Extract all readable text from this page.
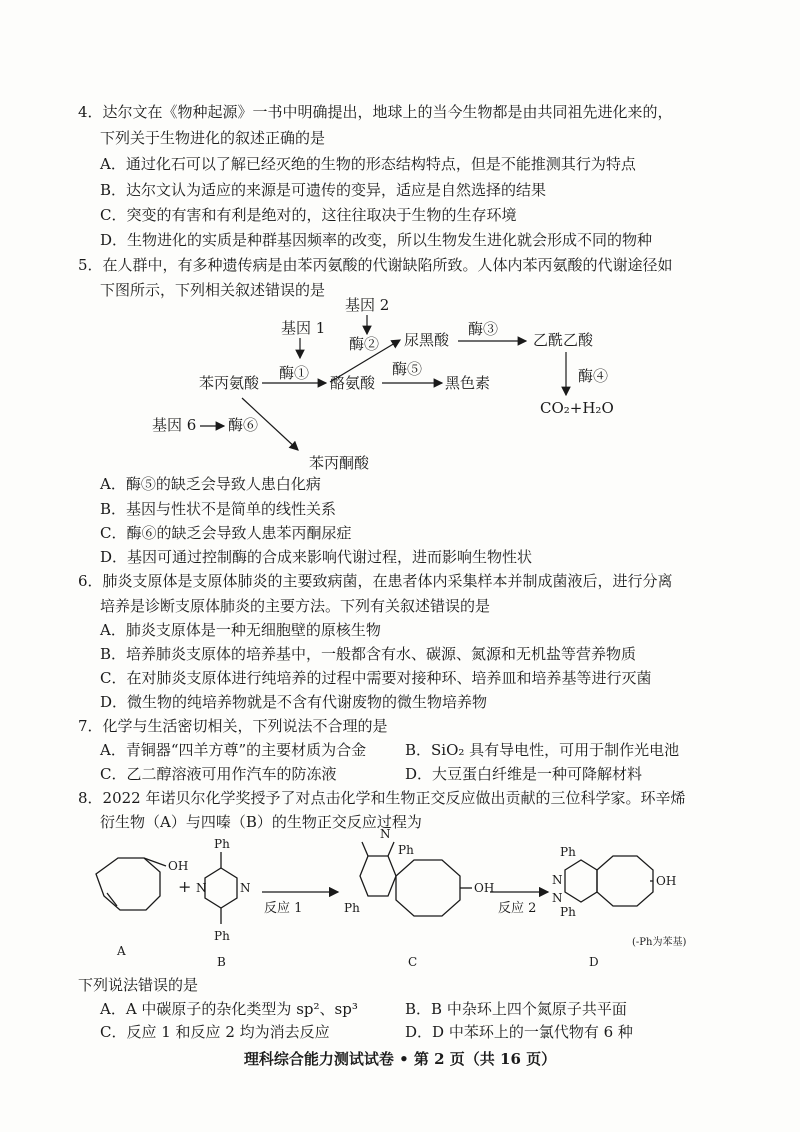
4．达尔文在《物种起源》一书中明确提出，地球上的当今生物都是由共同祖先进化来的，
下列关于生物进化的叙述正确的是
A．通过化石可以了解已经灭绝的生物的形态结构特点，但是不能推测其行为特点
B．达尔文认为适应的来源是可遗传的变异，适应是自然选择的结果
C．突变的有害和有利是绝对的，这往往取决于生物的生存环境
D．生物进化的实质是种群基因频率的改变，所以生物发生进化就会形成不同的物种
5．在人群中，有多种遗传病是由苯丙氨酸的代谢缺陷所致。人体内苯丙氨酸的代谢途径如
下图所示，下列相关叙述错误的是
基因 2
基因 1
酶② 尿黑酸
酶③
乙酰乙酸
酶④
CO₂+H₂O
酶①
苯丙氨酸	酪氨酸
酶⑤
黑色素
基因 6 酶⑥
苯丙酮酸
A．酶⑤的缺乏会导致人患白化病
B．基因与性状不是简单的线性关系
C．酶⑥的缺乏会导致人患苯丙酮尿症
D．基因可通过控制酶的合成来影响代谢过程，进而影响生物性状
6．肺炎支原体是支原体肺炎的主要致病菌，在患者体内采集样本并制成菌液后，进行分离
培养是诊断支原体肺炎的主要方法。下列有关叙述错误的是
A．肺炎支原体是一种无细胞壁的原核生物
B．培养肺炎支原体的培养基中，一般都含有水、碳源、氮源和无机盐等营养物质
C．在对肺炎支原体进行纯培养的过程中需要对接种环、培养皿和培养基等进行灭菌
D．微生物的纯培养物就是不含有代谢废物的微生物培养物
7．化学与生活密切相关，下列说法不合理的是
A．青铜器“四羊方尊”的主要材质为合金	B．SiO₂ 具有导电性，可用于制作光电池
C．乙二醇溶液可用作汽车的防冻液	D．大豆蛋白纤维是一种可降解材料
8．2022 年诺贝尔化学奖授予了对点击化学和生物正交反应做出贡献的三位科学家。环辛烯
衍生物（A）与四嗪（B）的生物正交反应过程为
OH
+
Ph
Ph
N
N
反应 1
N
Ph
Ph
OH
反应 2
Ph
Ph
N
N
OH
A
B	C	D
(-Ph为苯基)
下列说法错误的是
A．A 中碳原子的杂化类型为 sp²、sp³	B．B 中杂环上四个氮原子共平面
C．反应 1 和反应 2 均为消去反应	D．D 中苯环上的一氯代物有 6 种
理科综合能力测试试卷 • 第 2 页（共 16 页）
